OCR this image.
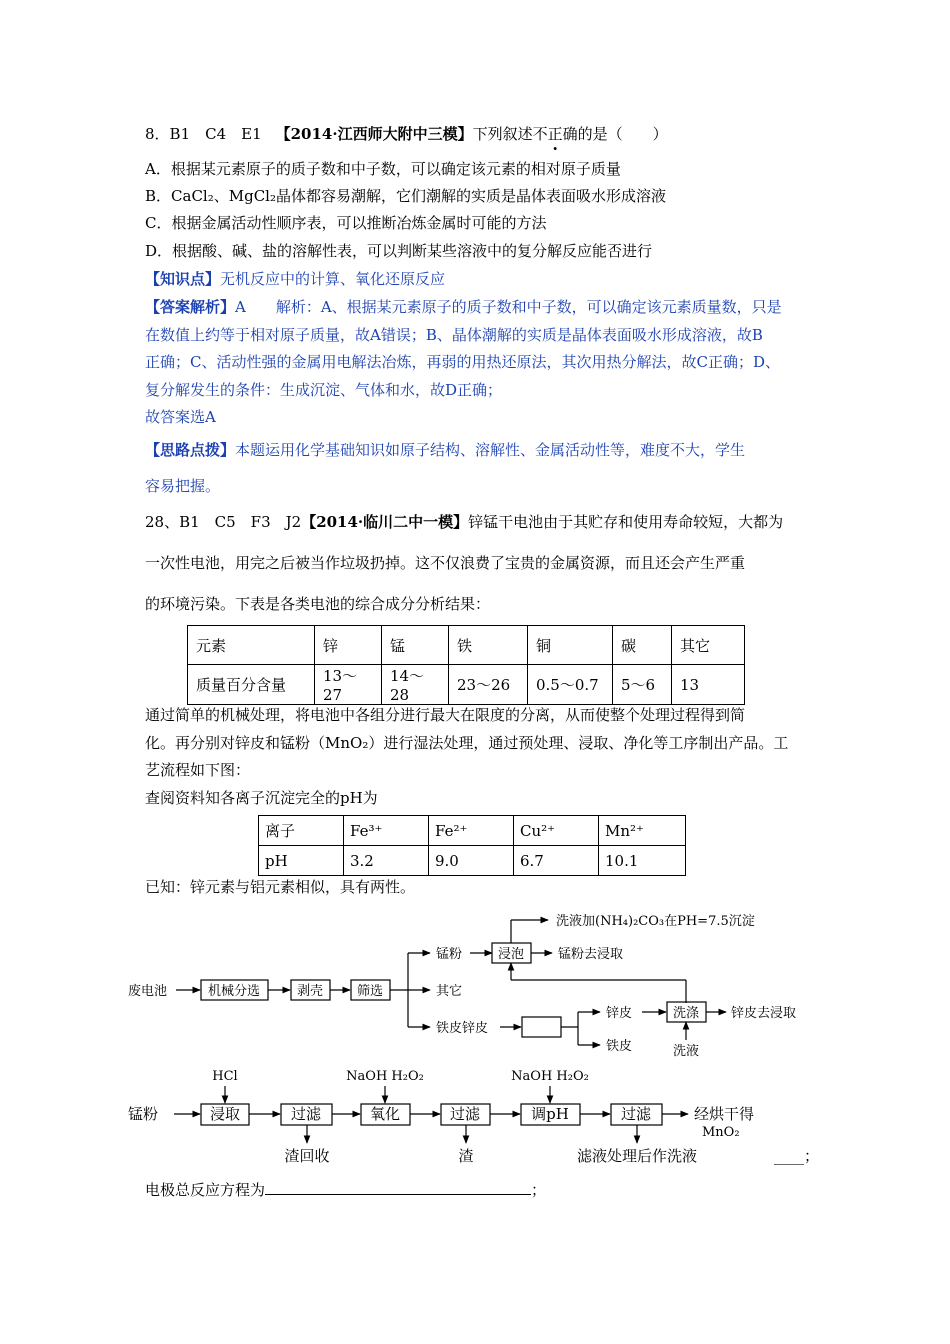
8．B1　C4　E1 【2014·江西师大附中三模】下列叙述不正确的是（　　）
A．根据某元素原子的质子数和中子数，可以确定该元素的相对原子质量
B．CaCl₂、MgCl₂晶体都容易潮解，它们潮解的实质是晶体表面吸水形成溶液
C．根据金属活动性顺序表，可以推断冶炼金属时可能的方法
D．根据酸、碱、盐的溶解性表，可以判断某些溶液中的复分解反应能否进行
【知识点】无机反应中的计算、氧化还原反应
【答案解析】A　　解析：A、根据某元素原子的质子数和中子数，可以确定该元素质量数，只是
在数值上约等于相对原子质量，故A错误；B、晶体潮解的实质是晶体表面吸水形成溶液，故B
正确；C、活动性强的金属用电解法冶炼，再弱的用热还原法，其次用热分解法，故C正确；D、
复分解发生的条件：生成沉淀、气体和水，故D正确；
故答案选A
【思路点拨】本题运用化学基础知识如原子结构、溶解性、金属活动性等，难度不大，学生
容易把握。
28、B1　C5　F3　J2【2014·临川二中一模】锌锰干电池由于其贮存和使用寿命较短，大都为
一次性电池，用完之后被当作垃圾扔掉。这不仅浪费了宝贵的金属资源，而且还会产生严重
的环境污染。下表是各类电池的综合成分分析结果：
元素	锌	锰	铁	铜	碳	其它
质量百分含量	13～27	14～28	23～26	0.5～0.7	5～6	13
通过简单的机械处理，将电池中各组分进行最大在限度的分离，从而使整个处理过程得到简
化。再分别对锌皮和锰粉（MnO₂）进行湿法处理，通过预处理、浸取、净化等工序制出产品。工
艺流程如下图：
查阅资料知各离子沉淀完全的pH为
离子	Fe³⁺	Fe²⁺	Cu²⁺	Mn²⁺
pH	3.2	9.0	6.7	10.1
已知：锌元素与铝元素相似，具有两性。
废电池	机械分选	剥壳	筛选
锰粉
其它
铁皮锌皮
浸泡
洗液加(NH₄)₂CO₃在PH=7.5沉淀
锰粉去浸取
锌皮
铁皮
洗涤
洗液
锌皮去浸取
锰粉	浸取	过滤	氧化	过滤	调pH	过滤
HCl	NaOH H₂O₂	NaOH H₂O₂
渣回收	渣	滤液处理后作洗液
经烘干得
MnO₂
____；
电极总反应方程为	；
